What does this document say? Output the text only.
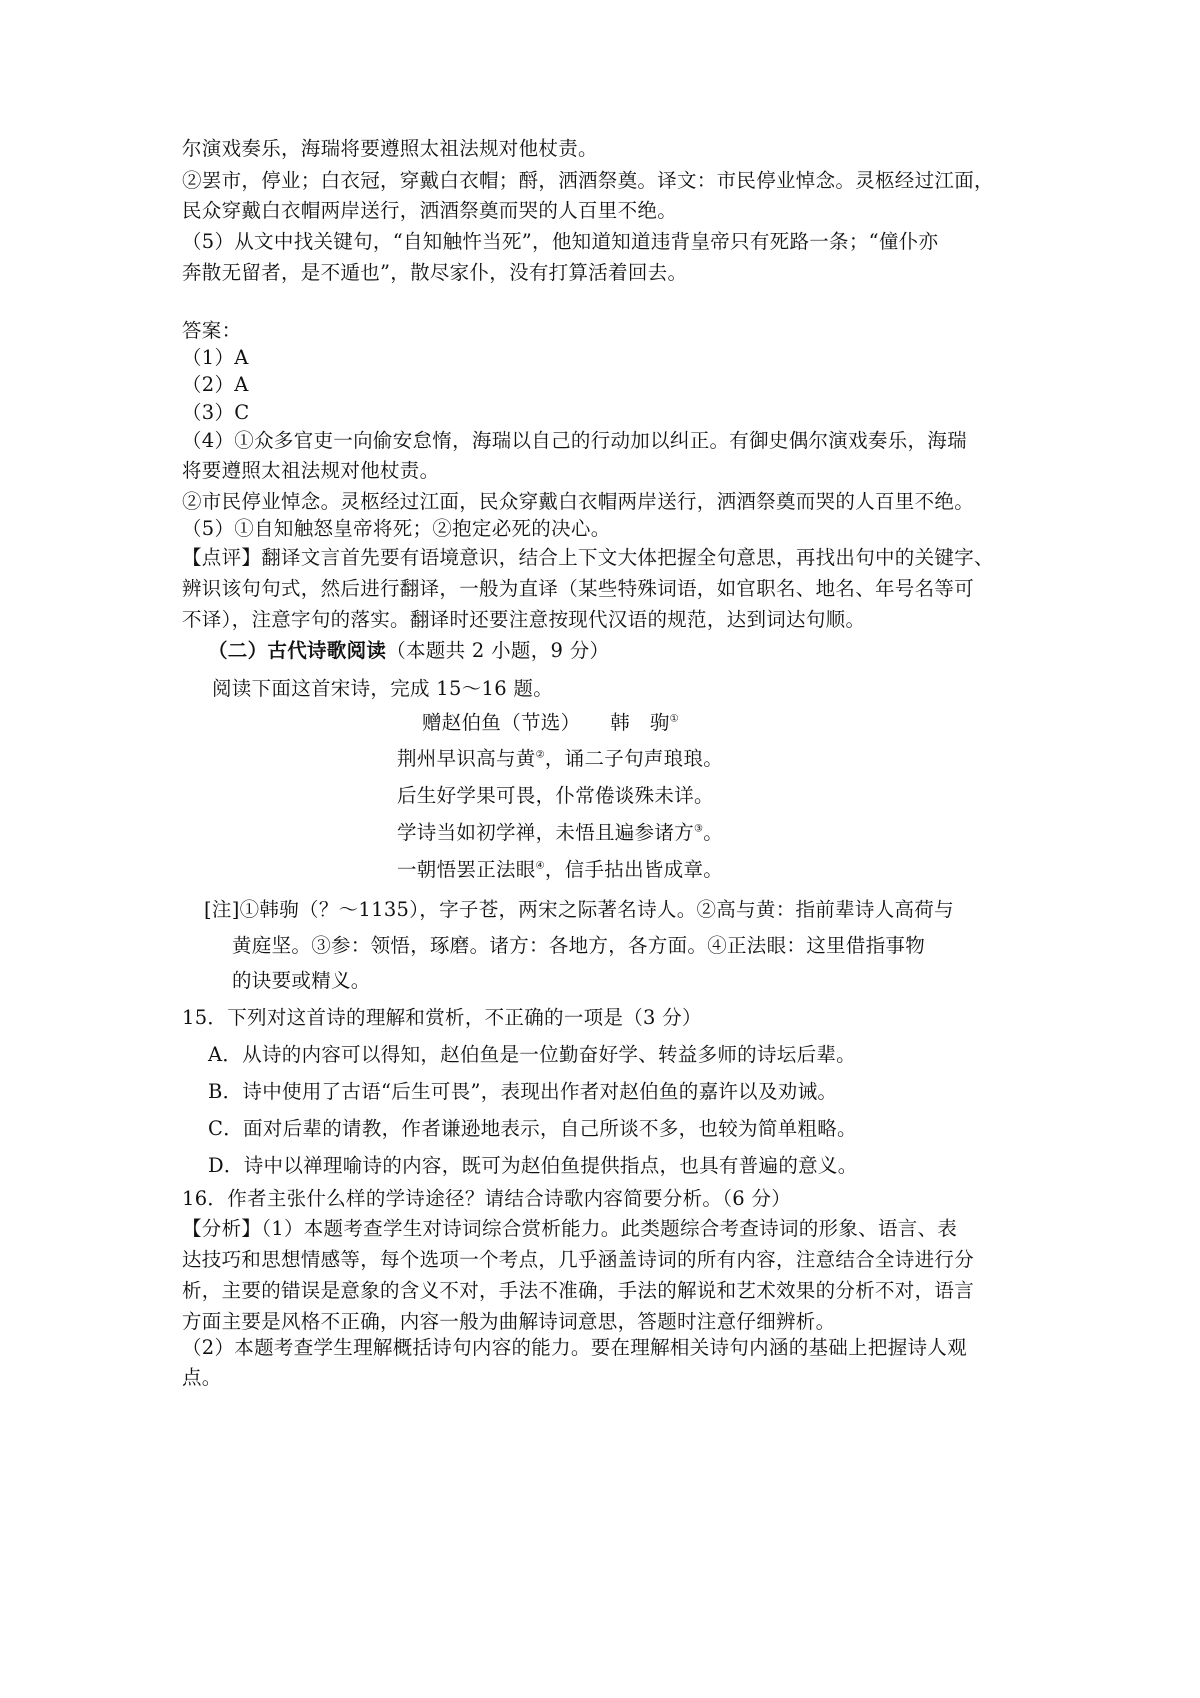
尔演戏奏乐，海瑞将要遵照太祖法规对他杖责。
②罢市，停业；白衣冠，穿戴白衣帽；酹，洒酒祭奠。译文：市民停业悼念。灵柩经过江面，
民众穿戴白衣帽两岸送行，洒酒祭奠而哭的人百里不绝。
（5）从文中找关键句，“自知触忤当死”，他知道知道违背皇帝只有死路一条；“僮仆亦
奔散无留者，是不遁也”，散尽家仆，没有打算活着回去。
答案：
（1）A
（2）A
（3）C
（4）①众多官吏一向偷安怠惰，海瑞以自己的行动加以纠正。有御史偶尔演戏奏乐，海瑞
将要遵照太祖法规对他杖责。
②市民停业悼念。灵柩经过江面，民众穿戴白衣帽两岸送行，洒酒祭奠而哭的人百里不绝。
（5）①自知触怒皇帝将死；②抱定必死的决心。
【点评】翻译文言首先要有语境意识，结合上下文大体把握全句意思，再找出句中的关键字、
辨识该句句式，然后进行翻译，一般为直译（某些特殊词语，如官职名、地名、年号名等可
不译），注意字句的落实。翻译时还要注意按现代汉语的规范，达到词达句顺。
（二）古代诗歌阅读（本题共 2 小题，9 分）
阅读下面这首宋诗，完成 15～16 题。
赠赵伯鱼（节选）　　 韩　驹①
荆州早识高与黄②，诵二子句声琅琅。
后生好学果可畏，仆常倦谈殊未详。
学诗当如初学禅，未悟且遍参诸方③。
一朝悟罢正法眼④，信手拈出皆成章。
[注]①韩驹（？～1135），字子苍，两宋之际著名诗人。②高与黄：指前辈诗人高荷与
黄庭坚。③参：领悟，琢磨。诸方：各地方，各方面。④正法眼：这里借指事物
的诀要或精义。
15．下列对这首诗的理解和赏析，不正确的一项是（3 分）
A．从诗的内容可以得知，赵伯鱼是一位勤奋好学、转益多师的诗坛后辈。
B．诗中使用了古语“后生可畏”，表现出作者对赵伯鱼的嘉许以及劝诫。
C．面对后辈的请教，作者谦逊地表示，自己所谈不多，也较为简单粗略。
D．诗中以禅理喻诗的内容，既可为赵伯鱼提供指点，也具有普遍的意义。
16．作者主张什么样的学诗途径？请结合诗歌内容简要分析。（6 分）
【分析】（1）本题考查学生对诗词综合赏析能力。此类题综合考查诗词的形象、语言、表
达技巧和思想情感等，每个选项一个考点，几乎涵盖诗词的所有内容，注意结合全诗进行分
析，主要的错误是意象的含义不对，手法不准确，手法的解说和艺术效果的分析不对，语言
方面主要是风格不正确，内容一般为曲解诗词意思，答题时注意仔细辨析。
（2）本题考查学生理解概括诗句内容的能力。要在理解相关诗句内涵的基础上把握诗人观
点。
